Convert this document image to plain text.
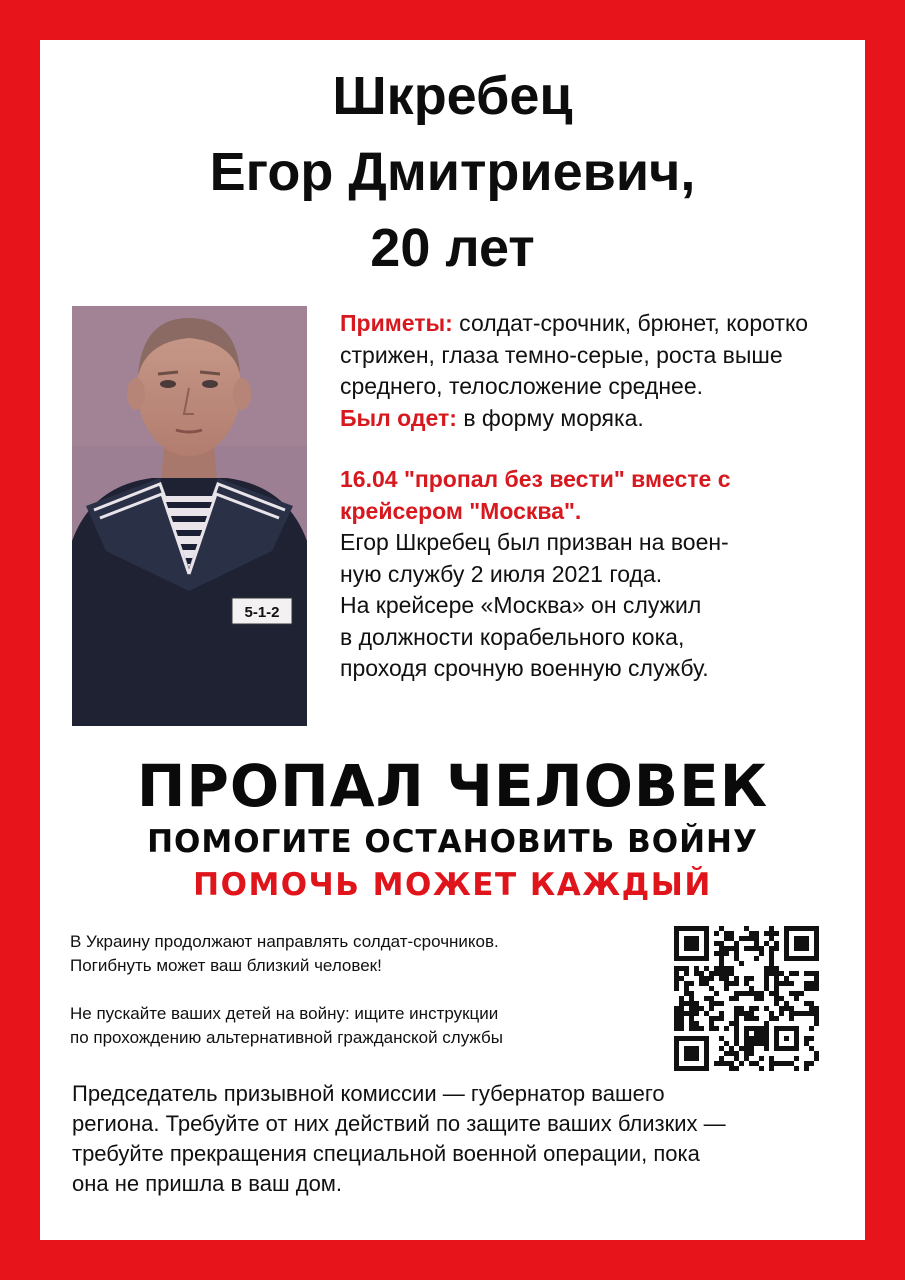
Шкребец
Егор Дмитриевич,
20 лет
5-1-2

Приметы: солдат-срочник, брюнет, коротко стрижен, глаза темно-серые, роста выше среднего, телосложение среднее.

Был одет: в форму моряка.

16.04 "пропал без вести" вместе с крейсером "Москва".

Егор Шкребец был призван на воен-

ную службу 2 июля 2021 года.

На крейсере «Москва» он служил

в должности корабельного кока,

проходя срочную военную службу.

ПРОПАЛ ЧЕЛОВЕК
ПОМОГИТЕ ОСТАНОВИТЬ ВОЙНУ
ПОМОЧЬ МОЖЕТ КАЖДЫЙ

В Украину продолжают направлять солдат-срочников.

Погибнуть может ваш близкий человек!

Не пускайте ваших детей на войну: ищите инструкции

по прохождению альтернативной гражданской службы

Председатель призывной комиссии — губернатор вашего

региона. Требуйте от них действий по защите ваших близких —

требуйте прекращения специальной военной операции, пока

она не пришла в ваш дом.
